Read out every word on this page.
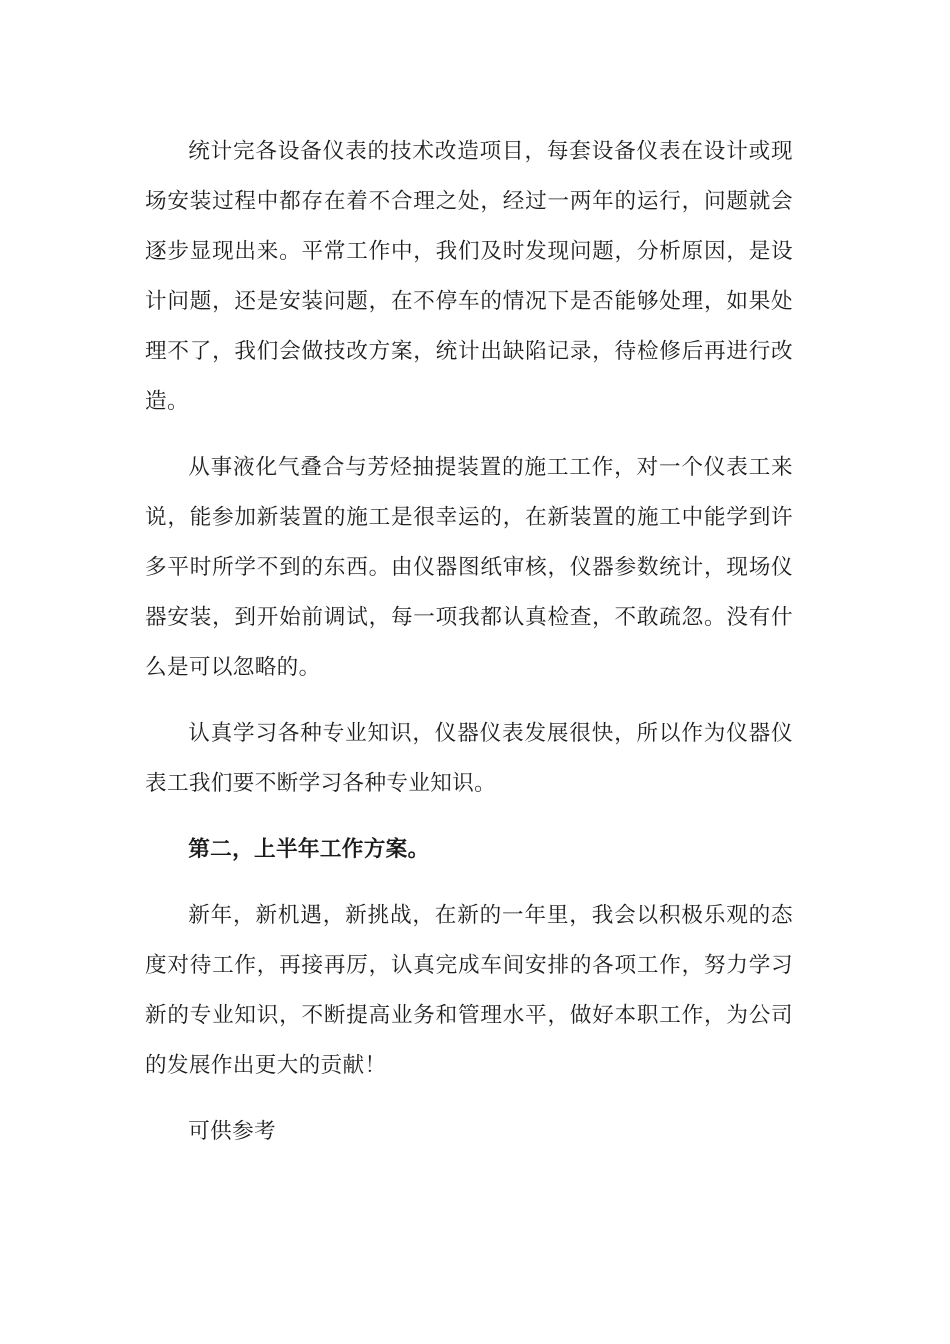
统计完各设备仪表的技术改造项目，每套设备仪表在设计或现场安装过程中都存在着不合理之处，经过一两年的运行，问题就会逐步显现出来。平常工作中，我们及时发现问题，分析原因，是设计问题，还是安装问题，在不停车的情况下是否能够处理，如果处理不了，我们会做技改方案，统计出缺陷记录，待检修后再进行改造。

从事液化气叠合与芳烃抽提装置的施工工作，对一个仪表工来说，能参加新装置的施工是很幸运的，在新装置的施工中能学到许多平时所学不到的东西。由仪器图纸审核，仪器参数统计，现场仪器安装，到开始前调试，每一项我都认真检查，不敢疏忽。没有什么是可以忽略的。

认真学习各种专业知识，仪器仪表发展很快，所以作为仪器仪表工我们要不断学习各种专业知识。

第二，上半年工作方案。

新年，新机遇，新挑战，在新的一年里，我会以积极乐观的态度对待工作，再接再厉，认真完成车间安排的各项工作，努力学习新的专业知识，不断提高业务和管理水平，做好本职工作，为公司的发展作出更大的贡献！

可供参考
